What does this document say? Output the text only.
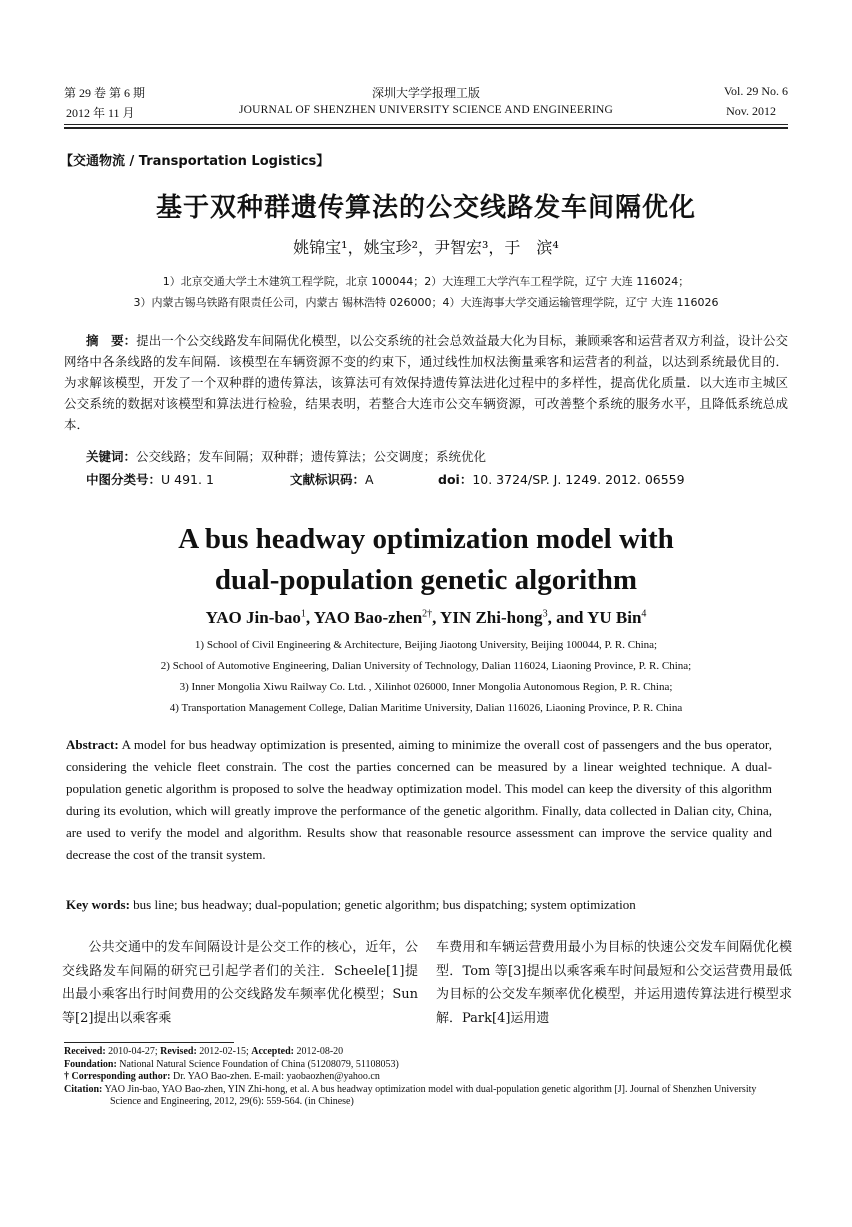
第 29 卷 第 6 期
2012 年 11 月
深圳大学学报理工版
JOURNAL OF SHENZHEN UNIVERSITY SCIENCE AND ENGINEERING
Vol. 29 No. 6
Nov. 2012
【交通物流 / Transportation Logistics】
基于双种群遗传算法的公交线路发车间隔优化
姚锦宝¹，姚宝珍²，尹智宏³，于　滨⁴
1）北京交通大学土木建筑工程学院，北京 100044；2）大连理工大学汽车工程学院，辽宁 大连 116024；
3）内蒙古锡乌铁路有限责任公司，内蒙古 锡林浩特 026000；4）大连海事大学交通运输管理学院，辽宁 大连 116026
摘　要：提出一个公交线路发车间隔优化模型，以公交系统的社会总效益最大化为目标，兼顾乘客和运营者双方利益，设计公交网络中各条线路的发车间隔．该模型在车辆资源不变的约束下，通过线性加权法衡量乘客和运营者的利益，以达到系统最优目的．为求解该模型，开发了一个双种群的遗传算法，该算法可有效保持遗传算法进化过程中的多样性，提高优化质量．以大连市主城区公交系统的数据对该模型和算法进行检验，结果表明，若整合大连市公交车辆资源，可改善整个系统的服务水平，且降低系统总成本．
关键词：公交线路；发车间隔；双种群；遗传算法；公交调度；系统优化
中图分类号：U 491. 1	文献标识码：A	doi：10. 3724/SP. J. 1249. 2012. 06559
A bus headway optimization model with
dual-population genetic algorithm
YAO Jin-bao$^1$, YAO Bao-zhen$^{2\dagger}$, YIN Zhi-hong$^3$, and YU Bin$^4$
1) School of Civil Engineering & Architecture, Beijing Jiaotong University, Beijing 100044, P. R. China;
2) School of Automotive Engineering, Dalian University of Technology, Dalian 116024, Liaoning Province, P. R. China;
3) Inner Mongolia Xiwu Railway Co. Ltd. , Xilinhot 026000, Inner Mongolia Autonomous Region, P. R. China;
4) Transportation Management College, Dalian Maritime University, Dalian 116026, Liaoning Province, P. R. China
Abstract: A model for bus headway optimization is presented, aiming to minimize the overall cost of passengers and the bus operator, considering the vehicle fleet constrain. The cost the parties concerned can be measured by a linear weighted technique. A dual-population genetic algorithm is proposed to solve the headway optimization model. This model can keep the diversity of this algorithm during its evolution, which will greatly improve the performance of the genetic algorithm. Finally, data collected in Dalian city, China, are used to verify the model and algorithm. Results show that reasonable resource assessment can improve the service quality and decrease the cost of the transit system.
Key words: bus line; bus headway; dual-population; genetic algorithm; bus dispatching; system optimization
　　公共交通中的发车间隔设计是公交工作的核心，近年，公交线路发车间隔的研究已引起学者们的关注．Scheele[1]提出最小乘客出行时间费用的公交线路发车频率优化模型；Sun 等[2]提出以乘客乘
车费用和车辆运营费用最小为目标的快速公交发车间隔优化模型．Tom 等[3]提出以乘客乘车时间最短和公交运营费用最低为目标的公交发车频率优化模型，并运用遗传算法进行模型求解．Park[4]运用遗
Received: 2010-04-27; Revised: 2012-02-15; Accepted: 2012-08-20
Foundation: National Natural Science Foundation of China (51208079, 51108053)
† Corresponding author: Dr. YAO Bao-zhen. E-mail: yaobaozhen@yahoo.cn
Citation: YAO Jin-bao, YAO Bao-zhen, YIN Zhi-hong, et al. A bus headway optimization model with dual-population genetic algorithm [J]. Journal of Shenzhen University Science and Engineering, 2012, 29(6): 559-564. (in Chinese)
